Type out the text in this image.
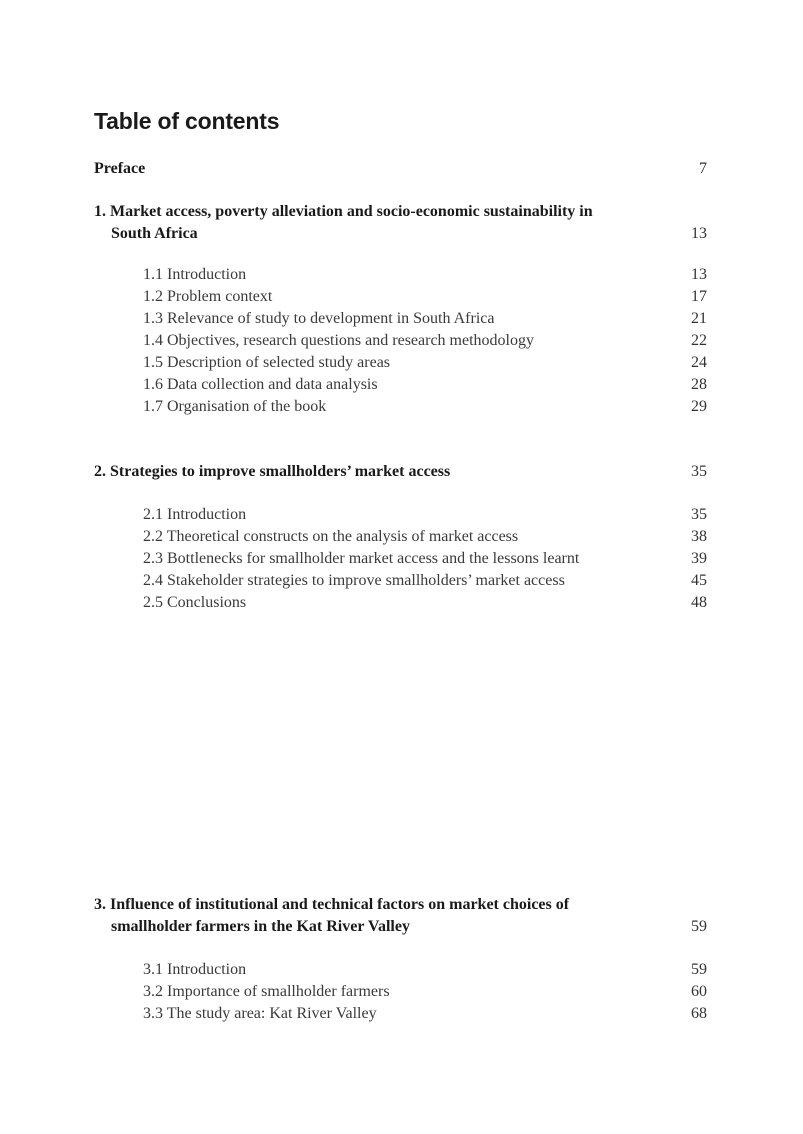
Table of contents
Preface	7
1. Market access, poverty alleviation and socio-economic sustainability in
South Africa	13
1.1 Introduction	13
1.2 Problem context	17
1.3 Relevance of study to development in South Africa	21
1.4 Objectives, research questions and research methodology	22
1.5 Description of selected study areas	24
1.6 Data collection and data analysis	28
1.7 Organisation of the book	29
2. Strategies to improve smallholders’ market access	35
2.1 Introduction	35
2.2 Theoretical constructs on the analysis of market access	38
2.3 Bottlenecks for smallholder market access and the lessons learnt	39
2.4 Stakeholder strategies to improve smallholders’ market access	45
2.5 Conclusions	48
3. Influence of institutional and technical factors on market choices of
smallholder farmers in the Kat River Valley	59
3.1 Introduction	59
3.2 Importance of smallholder farmers	60
3.3 The study area: Kat River Valley	68
